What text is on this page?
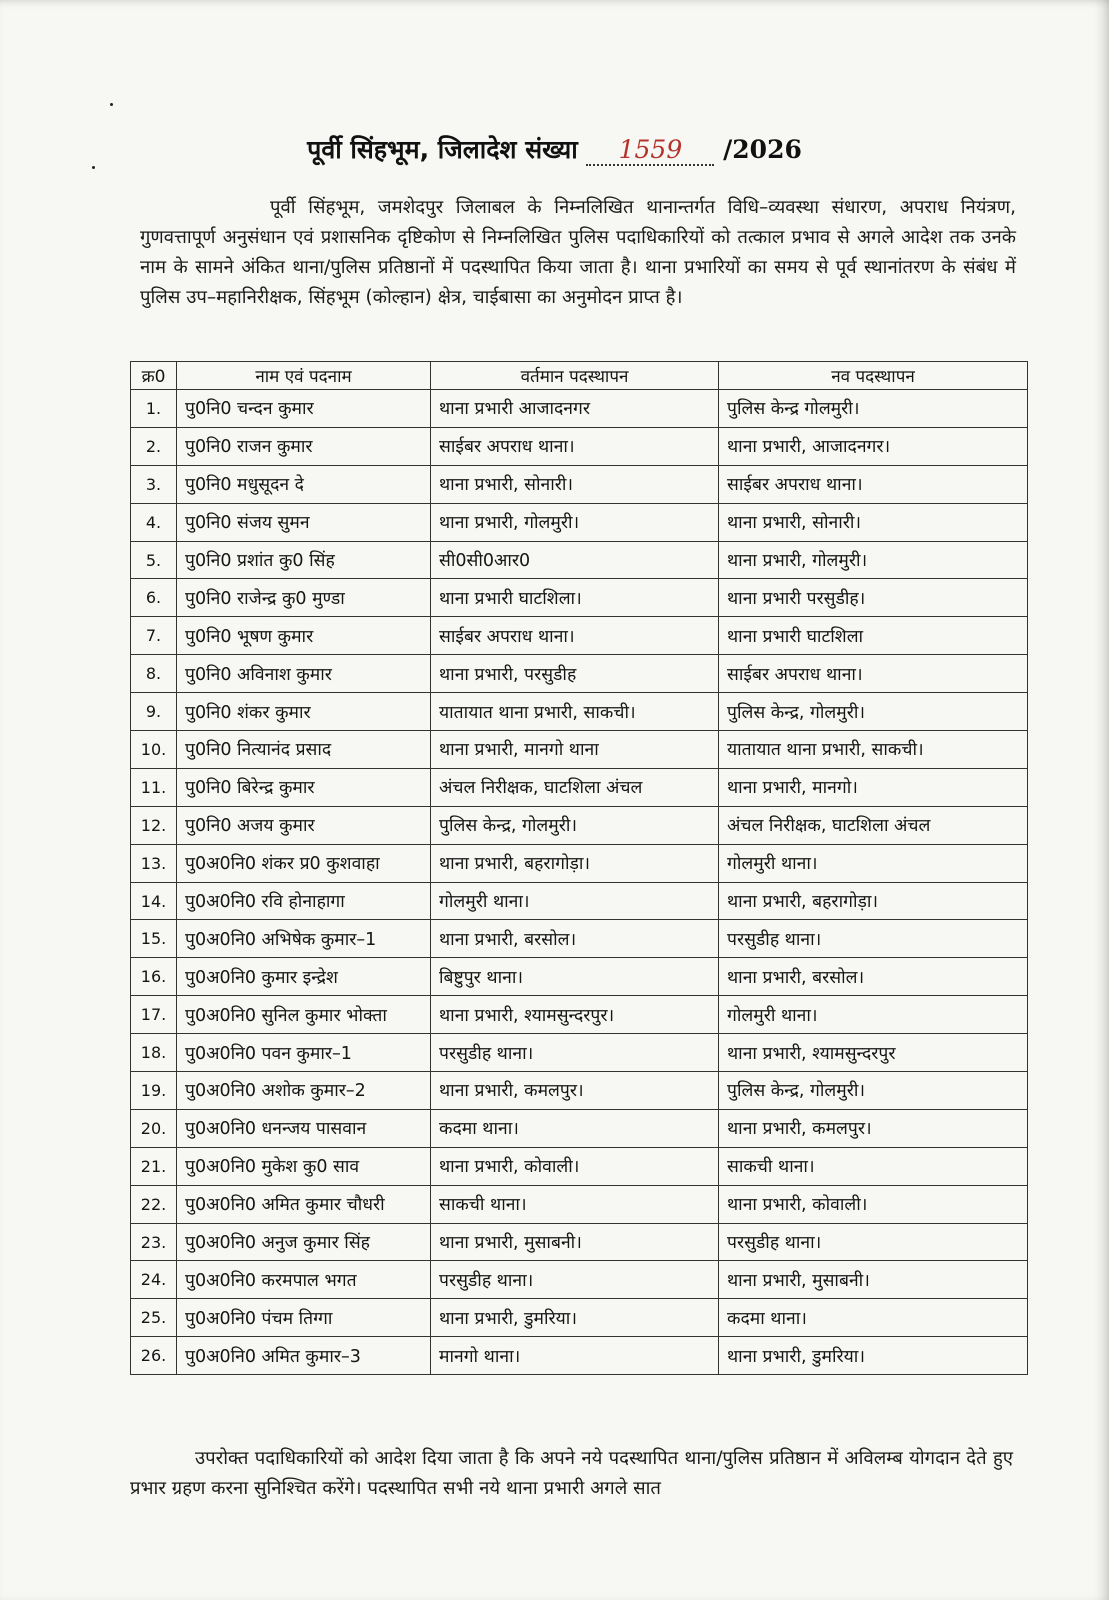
पूर्वी सिंहभूम, जिलादेश संख्या 1559 /2026
पूर्वी सिंहभूम, जमशेदपुर जिलाबल के निम्नलिखित थानान्तर्गत विधि–व्यवस्था संधारण, अपराध नियंत्रण, गुणवत्तापूर्ण अनुसंधान एवं प्रशासनिक दृष्टिकोण से निम्नलिखित पुलिस पदाधिकारियों को तत्काल प्रभाव से अगले आदेश तक उनके नाम के सामने अंकित थाना/पुलिस प्रतिष्ठानों में पदस्थापित किया जाता है। थाना प्रभारियों का समय से पूर्व स्थानांतरण के संबंध में पुलिस उप–महानिरीक्षक, सिंहभूम (कोल्हान) क्षेत्र, चाईबासा का अनुमोदन प्राप्त है।
क्र0	नाम एवं पदनाम	वर्तमान पदस्थापन	नव पदस्थापन
1.	पु0नि0 चन्दन कुमार	थाना प्रभारी आजादनगर	पुलिस केन्द्र गोलमुरी।
2.	पु0नि0 राजन कुमार	साईबर अपराध थाना।	थाना प्रभारी, आजादनगर।
3.	पु0नि0 मधुसूदन दे	थाना प्रभारी, सोनारी।	साईबर अपराध थाना।
4.	पु0नि0 संजय सुमन	थाना प्रभारी, गोलमुरी।	थाना प्रभारी, सोनारी।
5.	पु0नि0 प्रशांत कु0 सिंह	सी0सी0आर0	थाना प्रभारी, गोलमुरी।
6.	पु0नि0 राजेन्द्र कु0 मुण्डा	थाना प्रभारी घाटशिला।	थाना प्रभारी परसुडीह।
7.	पु0नि0 भूषण कुमार	साईबर अपराध थाना।	थाना प्रभारी घाटशिला
8.	पु0नि0 अविनाश कुमार	थाना प्रभारी, परसुडीह	साईबर अपराध थाना।
9.	पु0नि0 शंकर कुमार	यातायात थाना प्रभारी, साकची।	पुलिस केन्द्र, गोलमुरी।
10.	पु0नि0 नित्यानंद प्रसाद	थाना प्रभारी, मानगो थाना	यातायात थाना प्रभारी, साकची।
11.	पु0नि0 बिरेन्द्र कुमार	अंचल निरीक्षक, घाटशिला अंचल	थाना प्रभारी, मानगो।
12.	पु0नि0 अजय कुमार	पुलिस केन्द्र, गोलमुरी।	अंचल निरीक्षक, घाटशिला अंचल
13.	पु0अ0नि0 शंकर प्र0 कुशवाहा	थाना प्रभारी, बहरागोड़ा।	गोलमुरी थाना।
14.	पु0अ0नि0 रवि होनाहागा	गोलमुरी थाना।	थाना प्रभारी, बहरागोड़ा।
15.	पु0अ0नि0 अभिषेक कुमार–1	थाना प्रभारी, बरसोल।	परसुडीह थाना।
16.	पु0अ0नि0 कुमार इन्द्रेश	बिष्टुपुर थाना।	थाना प्रभारी, बरसोल।
17.	पु0अ0नि0 सुनिल कुमार भोक्ता	थाना प्रभारी, श्यामसुन्दरपुर।	गोलमुरी थाना।
18.	पु0अ0नि0 पवन कुमार–1	परसुडीह थाना।	थाना प्रभारी, श्यामसुन्दरपुर
19.	पु0अ0नि0 अशोक कुमार–2	थाना प्रभारी, कमलपुर।	पुलिस केन्द्र, गोलमुरी।
20.	पु0अ0नि0 धनन्जय पासवान	कदमा थाना।	थाना प्रभारी, कमलपुर।
21.	पु0अ0नि0 मुकेश कु0 साव	थाना प्रभारी, कोवाली।	साकची थाना।
22.	पु0अ0नि0 अमित कुमार चौधरी	साकची थाना।	थाना प्रभारी, कोवाली।
23.	पु0अ0नि0 अनुज कुमार सिंह	थाना प्रभारी, मुसाबनी।	परसुडीह थाना।
24.	पु0अ0नि0 करमपाल भगत	परसुडीह थाना।	थाना प्रभारी, मुसाबनी।
25.	पु0अ0नि0 पंचम तिग्गा	थाना प्रभारी, डुमरिया।	कदमा थाना।
26.	पु0अ0नि0 अमित कुमार–3	मानगो थाना।	थाना प्रभारी, डुमरिया।
उपरोक्त पदाधिकारियों को आदेश दिया जाता है कि अपने नये पदस्थापित थाना/पुलिस प्रतिष्ठान में अविलम्ब योगदान देते हुए प्रभार ग्रहण करना सुनिश्चित करेंगे। पदस्थापित सभी नये थाना प्रभारी अगले सात
